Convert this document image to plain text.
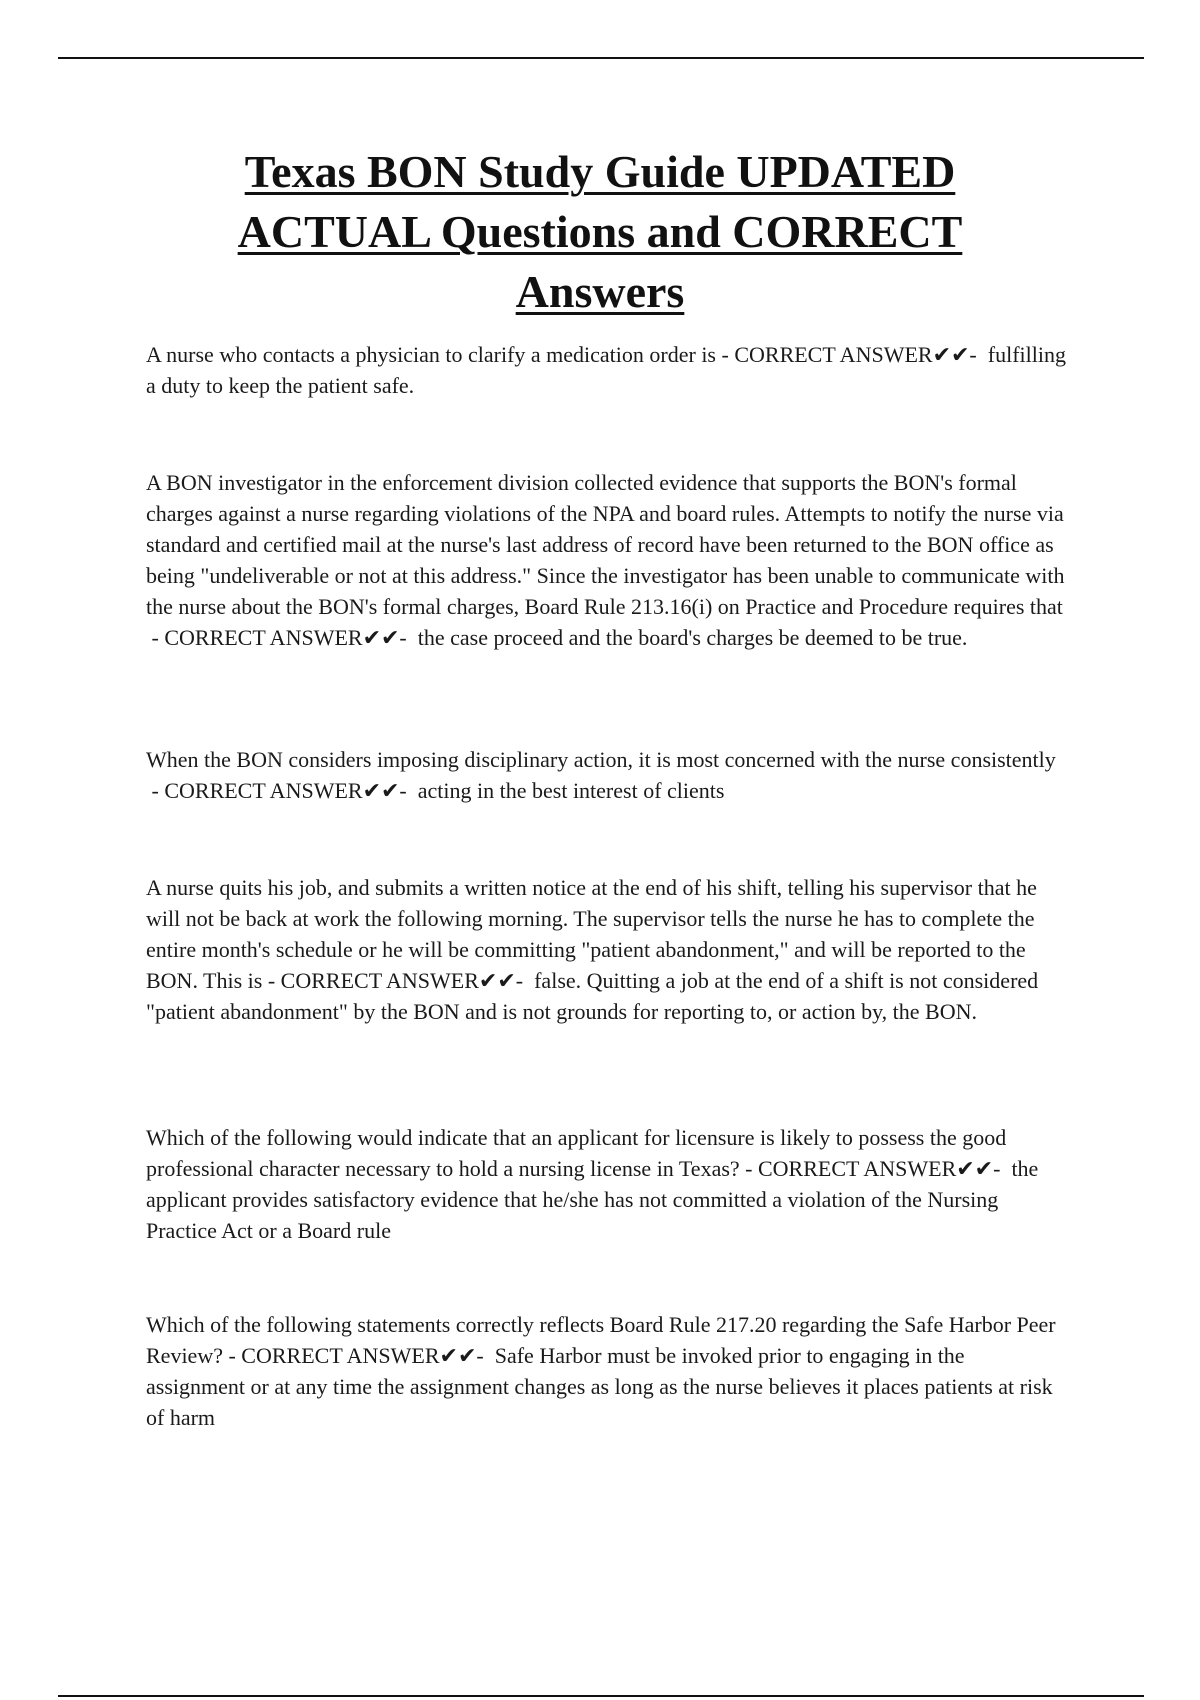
Texas BON Study Guide UPDATED
ACTUAL Questions and CORRECT
Answers

A nurse who contacts a physician to clarify a medication order is - CORRECT ANSWER✔✔- fulfilling a duty to keep the patient safe.

A BON investigator in the enforcement division collected evidence that supports the BON's formal charges against a nurse regarding violations of the NPA and board rules. Attempts to notify the nurse via standard and certified mail at the nurse's last address of record have been returned to the BON office as being "undeliverable or not at this address." Since the investigator has been unable to communicate with the nurse about the BON's formal charges, Board Rule 213.16(i) on Practice and Procedure requires that - CORRECT ANSWER✔✔- the case proceed and the board's charges be deemed to be true.

When the BON considers imposing disciplinary action, it is most concerned with the nurse consistently - CORRECT ANSWER✔✔- acting in the best interest of clients

A nurse quits his job, and submits a written notice at the end of his shift, telling his supervisor that he will not be back at work the following morning. The supervisor tells the nurse he has to complete the entire month's schedule or he will be committing "patient abandonment," and will be reported to the BON. This is - CORRECT ANSWER✔✔- false. Quitting a job at the end of a shift is not considered "patient abandonment" by the BON and is not grounds for reporting to, or action by, the BON.

Which of the following would indicate that an applicant for licensure is likely to possess the good professional character necessary to hold a nursing license in Texas? - CORRECT ANSWER✔✔- the applicant provides satisfactory evidence that he/she has not committed a violation of the Nursing Practice Act or a Board rule

Which of the following statements correctly reflects Board Rule 217.20 regarding the Safe Harbor Peer Review? - CORRECT ANSWER✔✔- Safe Harbor must be invoked prior to engaging in the assignment or at any time the assignment changes as long as the nurse believes it places patients at risk of harm
